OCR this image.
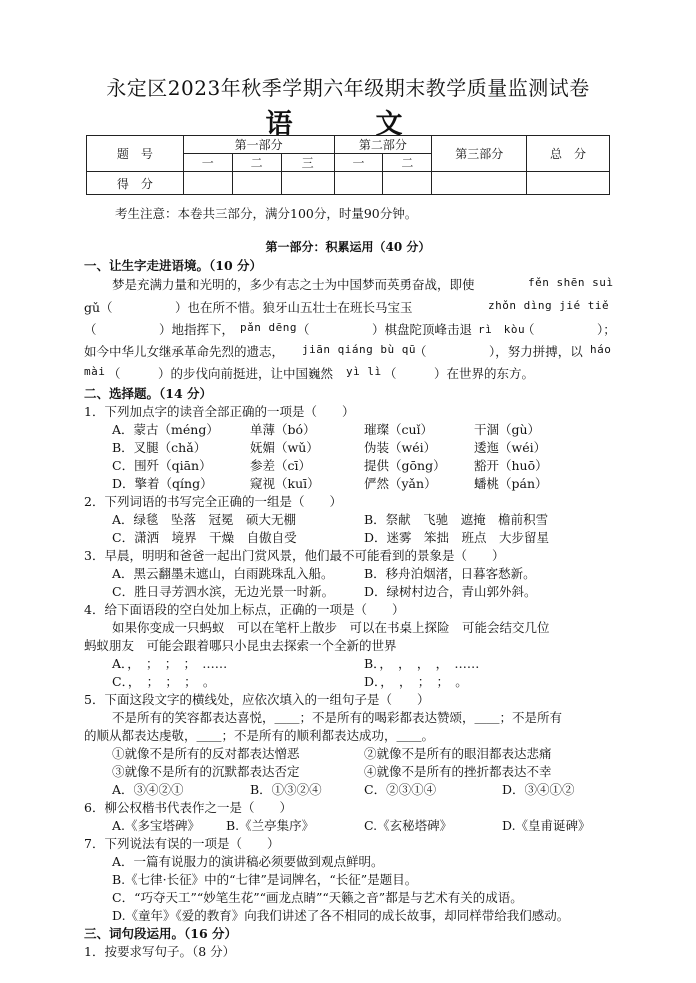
永定区2023年秋季学期六年级期末教学质量监测试卷
语　文
题　号	第一部分			第二部分		第三部分	总　分
	一	二	三	一	二		
得　分							
考生注意：本卷共三部分，满分100分，时量90分钟。
第一部分：积累运用（40 分）
一、让生字走进语境。（10 分）
梦是充满力量和光明的，多少有志之士为中国梦而英勇奋战，即使	fěn shēn suì
gǔ（　　　　　）也在所不惜。狼牙山五壮士在班长马宝玉	zhǒn dìng jié tiě
（　　　　　）地指挥下， pǎn dēng （　　　　　）棋盘陀顶峰击退 rì　kòu
（　　　　　）；
如今中华儿女继承革命先烈的遗志， jiān qiáng bù qū
（　　　　　），努力拼搏，以 háo
mài （　　　）的步伐向前挺进，让中国巍然 yì lì （　　　）在世界的东方。
二、选择题。（14 分）
1．下列加点字的读音全部正确的一项是（　　）
A．蒙古（méng） 单薄（bó）	璀璨（cuǐ）	干涸（gù）
B．叉腿（chǎ）	妩媚（wǔ）	伪装（wéi）	逶迤（wéi）
C．围歼（qiān）	参差（cī）	提供（gōng） 豁开（huō）
D．擎着（qíng）	窥视（kuī）	俨然（yǎn）	蟠桃（pán）
2．下列词语的书写完全正确的一组是（　　）
A．绿毯　坠落　冠冕　硕大无棚	B．祭献　飞驰　遮掩　檐前积雪
C．潇洒　境界　干燥　自傲自受	D．迷雾　笨拙　班点　大步留星
3．早晨，明明和爸爸一起出门赏风景，他们最不可能看到的景象是（　　）
A．黑云翻墨未遮山，白雨跳珠乱入船。 B．移舟泊烟渚，日暮客愁新。
C．胜日寻芳泗水滨，无边光景一时新。 D．绿树村边合，青山郭外斜。
4．给下面语段的空白处加上标点，正确的一项是（　　）
如果你变成一只蚂蚁　可以在笔杆上散步　可以在书桌上探险　可能会结交几位
蚂蚁朋友　可能会跟着哪只小昆虫去探索一个全新的世界
A．，　；　；　；　……	B．，　，　，　，　……
C．，　；　；　；　。	D．，　，　；　；　。
5．下面这段文字的横线处，应依次填入的一组句子是（　　）
不是所有的笑容都表达喜悦，＿＿；不是所有的喝彩都表达赞颂，＿＿；不是所有
的顺从都表达虔敬，＿＿；不是所有的顺利都表达成功，＿＿。
①就像不是所有的反对都表达憎恶	②就像不是所有的眼泪都表达悲痛
③就像不是所有的沉默都表达否定	④就像不是所有的挫折都表达不幸
A．③④②①	B．①③②④	C．②③①④	D．③④①②
6．柳公权楷书代表作之一是（　　）
A.《多宝塔碑》 B.《兰亭集序》	C.《玄秘塔碑》	D.《皇甫诞碑》
7．下列说法有误的一项是（　　）
A．一篇有说服力的演讲稿必须要做到观点鲜明。
B.《七律·长征》中的“七律”是词牌名，“长征”是题目。
C．“巧夺天工”“妙笔生花”“画龙点睛”“天籁之音”都是与艺术有关的成语。
D.《童年》《爱的教育》向我们讲述了各不相同的成长故事，却同样带给我们感动。
三、词句段运用。（16 分）
1．按要求写句子。（8 分）
